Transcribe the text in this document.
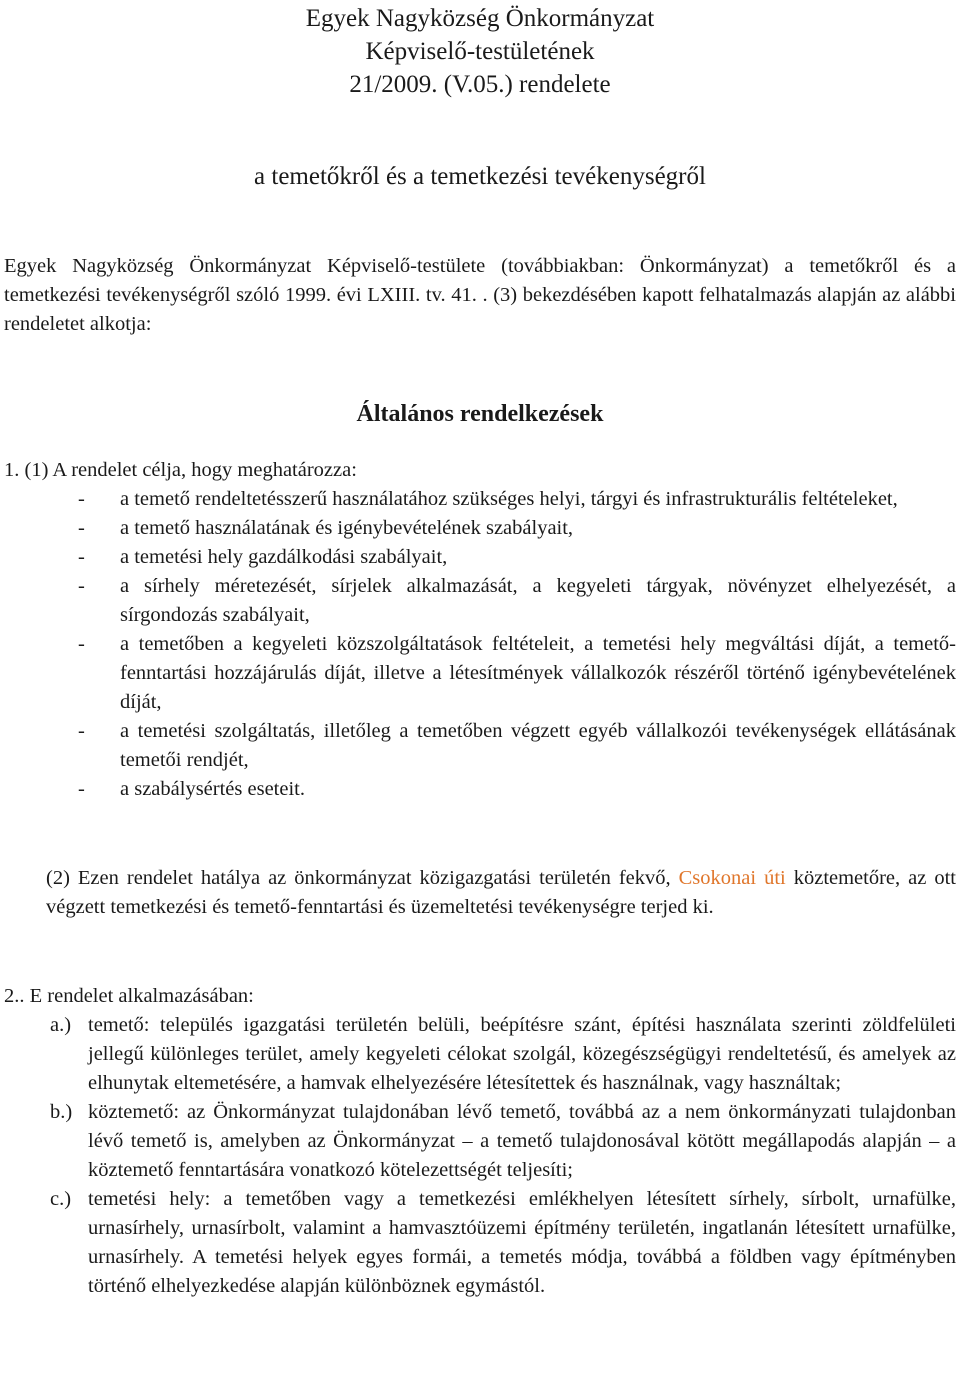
Egyek Nagyközség Önkormányzat
Képviselő-testületének
21/2009. (V.05.) rendelete
a temetőkről és a temetkezési tevékenységről
Egyek Nagyközség Önkormányzat Képviselő-testülete (továbbiakban: Önkormányzat) a temetőkről és a temetkezési tevékenységről szóló 1999. évi LXIII. tv. 41. . (3) bekezdésében kapott felhatalmazás alapján az alábbi rendeletet alkotja:
Általános rendelkezések

1. (1) A rendelet célja, hogy meghatározza:

-	a temető rendeltetésszerű használatához szükséges helyi, tárgyi és infrastrukturális feltételeket,
-	a temető használatának és igénybevételének szabályait,
-	a temetési hely gazdálkodási szabályait,
-	a sírhely méretezését, sírjelek alkalmazását, a kegyeleti tárgyak, növényzet elhelyezését, a sírgondozás szabályait,
-	a temetőben a kegyeleti közszolgáltatások feltételeit, a temetési hely megváltási díját, a temető-fenntartási hozzájárulás díját, illetve a létesítmények vállalkozók részéről történő igénybevételének díját,
-	a temetési szolgáltatás, illetőleg a temetőben végzett egyéb vállalkozói tevékenységek ellátásának temetői rendjét,
-	a szabálysértés eseteit.
(2) Ezen rendelet hatálya az önkormányzat közigazgatási területén fekvő, Csokonai úti köztemetőre, az ott végzett temetkezési és temető-fenntartási és üzemeltetési tevékenységre terjed ki.

2.. E rendelet alkalmazásában:

a.) temető: település igazgatási területén belüli, beépítésre szánt, építési használata szerinti zöldfelületi jellegű különleges terület, amely kegyeleti célokat szolgál, közegészségügyi rendeltetésű, és amelyek az elhunytak eltemetésére, a hamvak elhelyezésére létesítettek és használnak, vagy használtak;
b.) köztemető: az Önkormányzat tulajdonában lévő temető, továbbá az a nem önkormányzati tulajdonban lévő temető is, amelyben az Önkormányzat – a temető tulajdonosával kötött megállapodás alapján – a köztemető fenntartására vonatkozó kötelezettségét teljesíti;
c.) temetési hely: a temetőben vagy a temetkezési emlékhelyen létesített sírhely, sírbolt, urnafülke, urnasírhely, urnasírbolt, valamint a hamvasztóüzemi építmény területén, ingatlanán létesített urnafülke, urnasírhely. A temetési helyek egyes formái, a temetés módja, továbbá a földben vagy építményben történő elhelyezkedése alapján különböznek egymástól.
